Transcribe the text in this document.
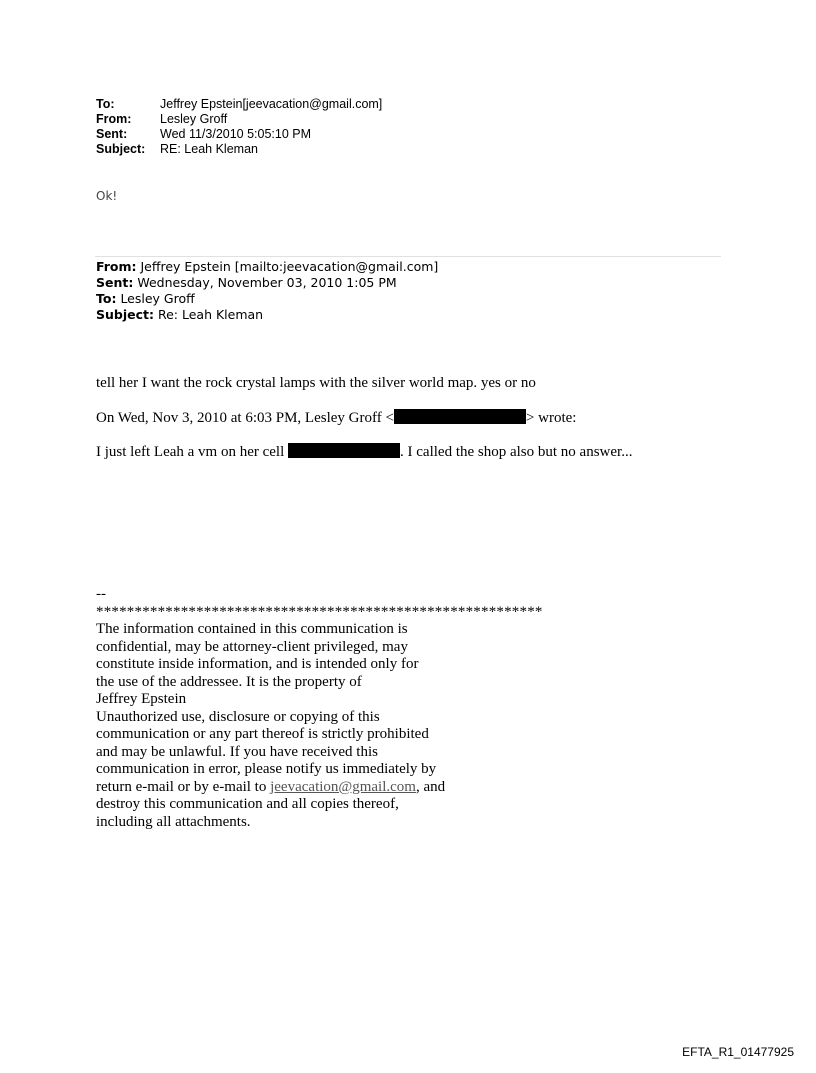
To:	Jeffrey Epstein[jeevacation@gmail.com]
From:	Lesley Groff
Sent:	Wed 11/3/2010 5:05:10 PM
Subject:	RE: Leah Kleman
Ok!
From: Jeffrey Epstein [mailto:jeevacation@gmail.com]
Sent: Wednesday, November 03, 2010 1:05 PM
To: Lesley Groff
Subject: Re: Leah Kleman
tell her I want the rock crystal lamps with the silver world map. yes or no
On Wed, Nov 3, 2010 at 6:03 PM, Lesley Groff <	> wrote:
I just left Leah a vm on her cell	. I called the shop also but no answer...
--
**********************************************************
The information contained in this communication is
confidential, may be attorney-client privileged, may
constitute inside information, and is intended only for
the use of the addressee. It is the property of
Jeffrey Epstein
Unauthorized use, disclosure or copying of this
communication or any part thereof is strictly prohibited
and may be unlawful. If you have received this
communication in error, please notify us immediately by
return e-mail or by e-mail to jeevacation@gmail.com, and
destroy this communication and all copies thereof,
including all attachments.
EFTA_R1_01477925
